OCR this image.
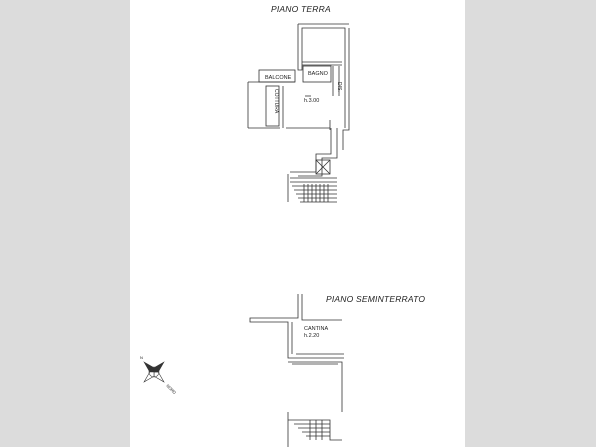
PIANO TERRA
BAGNO
BALCONE
DIS.
COTTURA	h.3.00
PIANO SEMINTERRATO
CANTINA
h.2.20
N
NORD
